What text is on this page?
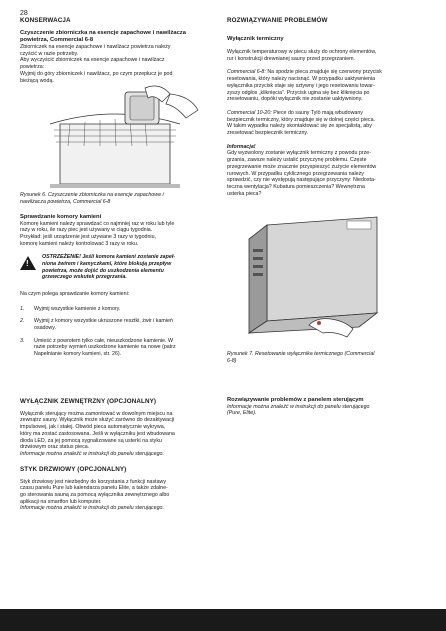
28

KONSERWACJA

Czyszczenie zbiorniczka na esencje zapachowe i nawilżacza

powietrza, Commercial 6-8

Zbiorniczek na esencje zapachowe i nawilżacz powietrza należy

czyścić w razie potrzeby.

Aby wyczyścić zbiorniczek na esencje zapachowe i nawilżacz

powietrza:

Wyjmij do góry zbiorniczek i nawilżacz, po czym przepłucz je pod

bieżącą wodą.

Rysunek 6. Czyszczenie zbiorniczka na esencje zapachowe i

nawilżacza powietrza, Commercial 6-8

Sprawdzanie komory kamieni

Komorę kamieni należy sprawdzać co najmniej raz w roku lub tyle

razy w roku, ile razy piec jest używany w ciągu tygodnia.

Przykład: jeśli urządzenie jest używane 3 razy w tygodniu,

komorę kamieni należy kontrolować 3 razy w roku.

!

OSTRZEŻENIE! Jeśli komora kamieni zostanie zapeł-

niona żwirem i kamyczkami, które blokują przepływ

powietrza, może dojść do uszkodzenia elementu

grzewczego wskutek przegrzania.

Na czym polega sprawdzanie komory kamieni:

1.	Wyjmij wszystkie kamienie z komory.

2.	Wyjmij z komory wszystkie ukruszone resztki, żwir i kamień

osadowy.

3.	Umieść z powrotem tylko całe, nieuszkodzone kamienie. W

razie potrzeby wymień uszkodzone kamienie na nowe (patrz

Napełnianie komory kamieni, str. 26).

WYŁĄCZNIK ZEWNĘTRZNY (OPCJONALNY)

Wyłącznik sterujący można zamontować w dowolnym miejscu na

zewnątrz sauny. Wyłącznik może służyć zarówno do dezaktywacji

impulsowej, jak i stałej. Obwód pieca automatycznie wykrywa,

który ma zostać zastosowana. Jeśli w wyłączniku jest wbudowana

dioda LED, za jej pomocą sygnalizowane są usterki na styku

drzwiowym oraz status pieca.

Informacje można znaleźć w instrukcji do panelu sterującego.

STYK DRZWIOWY (OPCJONALNY)

Styk drzwiowy jest niezbędny do korzystania z funkcji nastawy

czasu panelu Pure lub kalendarza panelu Elite, a także zdalne-

go sterowania sauną za pomocą wyłącznika zewnętrznego albo

aplikacji na smartfon lub komputer.

Informacje można znaleźć w instrukcji do panelu sterującego.

ROZWIĄZYWANIE PROBLEMÓW

Wyłącznik termiczny

Wyłącznik temperaturowy w piecu służy do ochrony elementów,

rur i konstrukcji drewnianej sauny przed przegrzaniem.

Commercial 6-8: Na spodzie pieca znajduje się czerwony przycisk

resetowania, który należy nacisnąć. W przypadku uaktywnienia

wyłącznika przycisk staje się sztywny i jego resetowaniu towar-

zyszy odgłos „kliknięcia”. Przycisk ugina się bez kliknięcia po

zresetowaniu, dopóki wyłącznik nie zostanie uaktywniony.

Commercial 10-20: Piece do sauny Tylö mają wbudowany

bezpiecznik termiczny, który znajduje się w dolnej części pieca.

W takim wypadku należy skontaktować się ze specjalistą, aby

zresetować bezpiecznik termiczny.

Informacja!

Gdy wyzwolony zostanie wyłącznik termiczny z powodu prze-

grzania, zawsze należy ustalić przyczynę problemu. Częste

przegrzewanie może znacznie przyspieszyć zużycie elementów

rurowych. W przypadku cyklicznego przegrzewania należy

sprawdzić, czy nie występują następujące przyczyny: Niedosta-

teczna wentylacja? Kubatura pomieszczenia? Wewnętrzna

usterka pieca?

Rysunek 7. Resetowanie wyłącznika termicznego (Commercial

6-8)

Rozwiązywanie problemów z panelem sterującym

Informacje można znaleźć w instrukcji do panelu sterującego

(Pure, Elite).
